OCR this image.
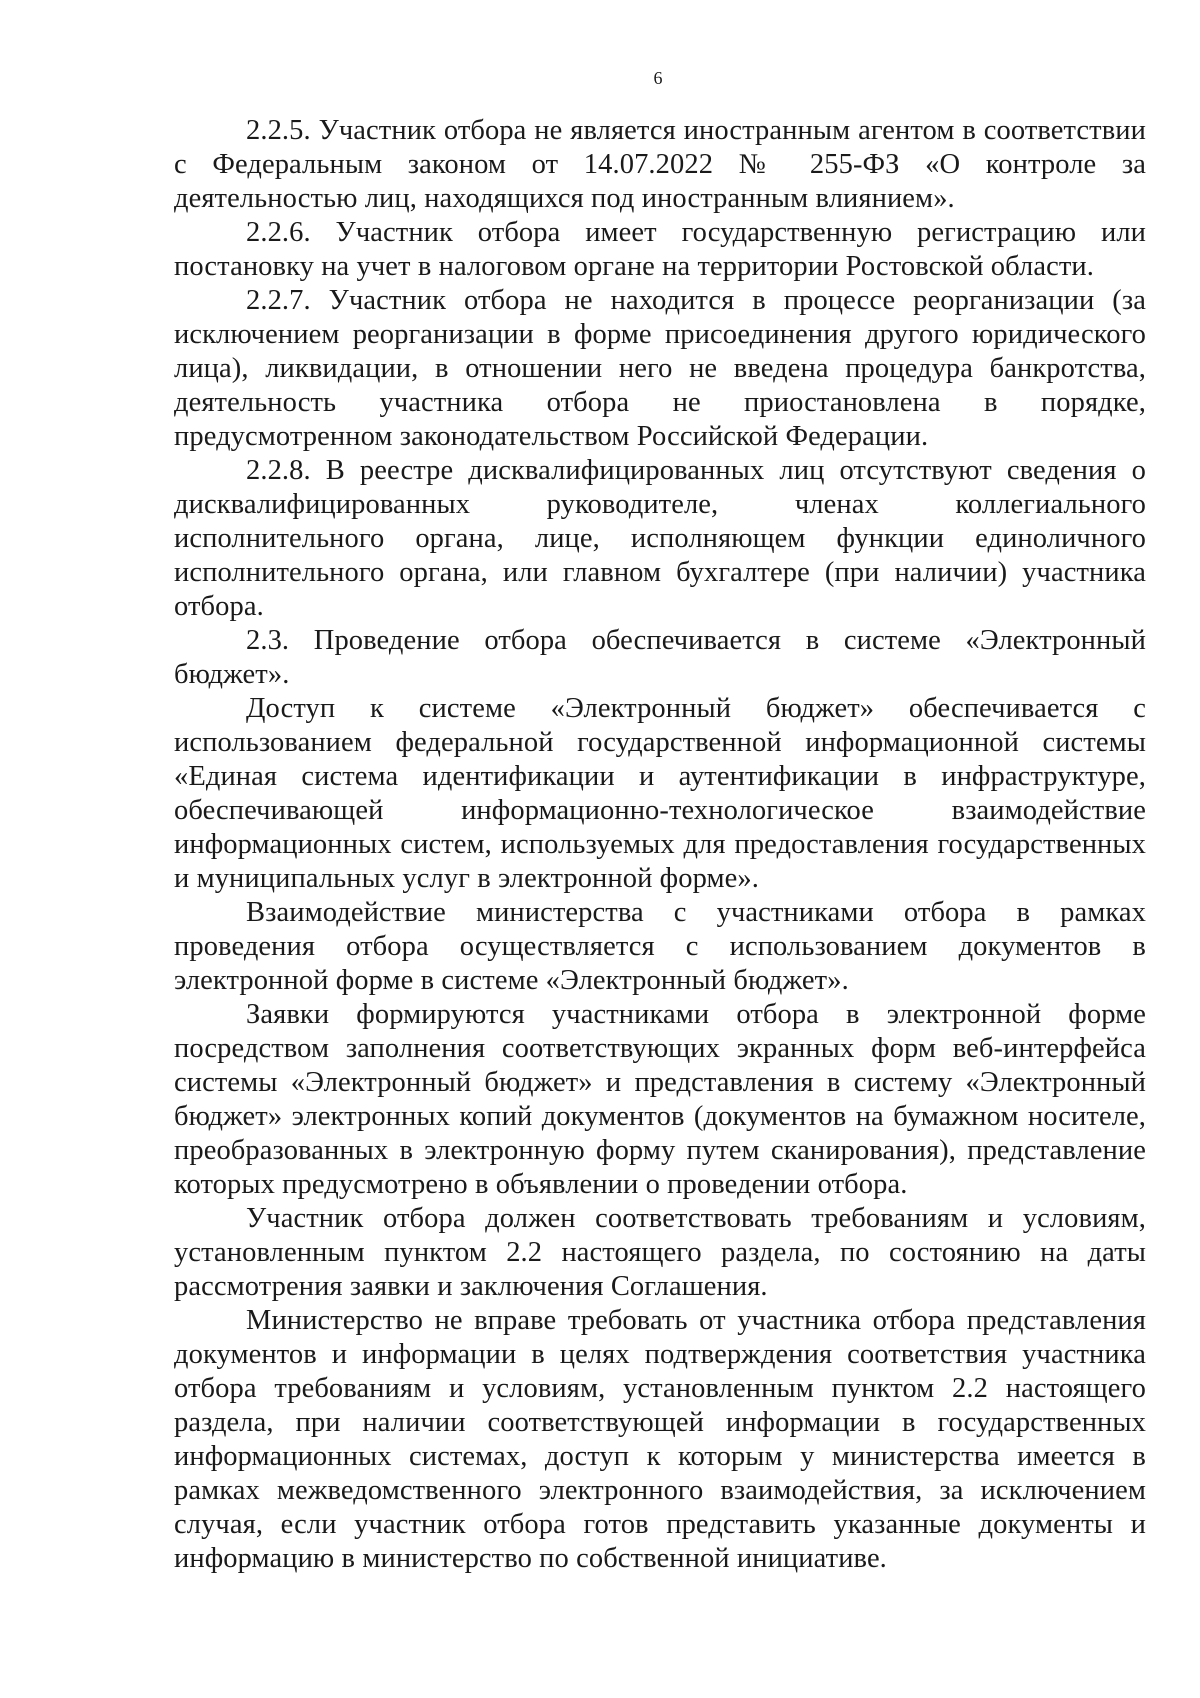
6

2.2.5. Участник отбора не является иностранным агентом в соответствии с Федеральным законом от 14.07.2022 № 255-ФЗ «О контроле за деятельностью лиц, находящихся под иностранным влиянием».

2.2.6. Участник отбора имеет государственную регистрацию или постановку на учет в налоговом органе на территории Ростовской области.

2.2.7. Участник отбора не находится в процессе реорганизации (за исключением реорганизации в форме присоединения другого юридического лица), ликвидации, в отношении него не введена процедура банкротства, деятельность участника отбора не приостановлена в порядке, предусмотренном законодательством Российской Федерации.

2.2.8. В реестре дисквалифицированных лиц отсутствуют сведения о дисквалифицированных руководителе, членах коллегиального исполнительного органа, лице, исполняющем функции единоличного исполнительного органа, или главном бухгалтере (при наличии) участника отбора.

2.3. Проведение отбора обеспечивается в системе «Электронный бюджет».

Доступ к системе «Электронный бюджет» обеспечивается с использованием федеральной государственной информационной системы «Единая система идентификации и аутентификации в инфраструктуре, обеспечивающей информационно-технологическое взаимодействие информационных систем, используемых для предоставления государственных и муниципальных услуг в электронной форме».

Взаимодействие министерства с участниками отбора в рамках проведения отбора осуществляется с использованием документов в электронной форме в системе «Электронный бюджет».

Заявки формируются участниками отбора в электронной форме посредством заполнения соответствующих экранных форм веб-интерфейса системы «Электронный бюджет» и представления в систему «Электронный бюджет» электронных копий документов (документов на бумажном носителе, преобразованных в электронную форму путем сканирования), представление которых предусмотрено в объявлении о проведении отбора.

Участник отбора должен соответствовать требованиям и условиям, установленным пунктом 2.2 настоящего раздела, по состоянию на даты рассмотрения заявки и заключения Соглашения.

Министерство не вправе требовать от участника отбора представления документов и информации в целях подтверждения соответствия участника отбора требованиям и условиям, установленным пунктом 2.2 настоящего раздела, при наличии соответствующей информации в государственных информационных системах, доступ к которым у министерства имеется в рамках межведомственного электронного взаимодействия, за исключением случая, если участник отбора готов представить указанные документы и информацию в министерство по собственной инициативе.
